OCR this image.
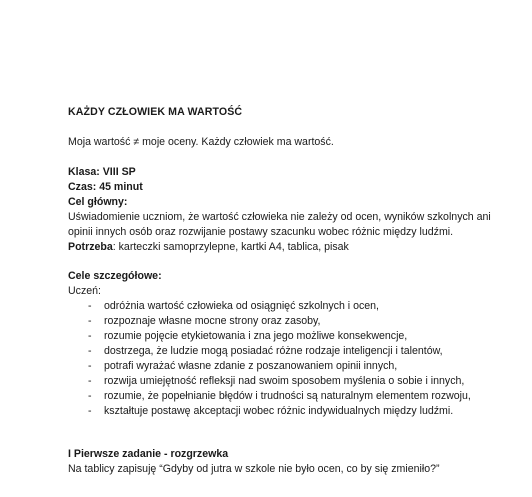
KAŻDY CZŁOWIEK MA WARTOŚĆ

Moja wartość ≠ moje oceny. Każdy człowiek ma wartość.

Klasa: VIII SP

Czas: 45 minut

Cel główny:

Uświadomienie uczniom, że wartość człowieka nie zależy od ocen, wyników szkolnych ani

opinii innych osób oraz rozwijanie postawy szacunku wobec różnic między ludźmi.

Potrzeba: karteczki samoprzylepne, kartki A4, tablica, pisak

Cele szczegółowe:

Uczeń:

- odróżnia wartość człowieka od osiągnięć szkolnych i ocen,
- rozpoznaje własne mocne strony oraz zasoby,
- rozumie pojęcie etykietowania i zna jego możliwe konsekwencje,
- dostrzega, że ludzie mogą posiadać różne rodzaje inteligencji i talentów,
- potrafi wyrażać własne zdanie z poszanowaniem opinii innych,
- rozwija umiejętność refleksji nad swoim sposobem myślenia o sobie i innych,
- rozumie, że popełnianie błędów i trudności są naturalnym elementem rozwoju,
- kształtuje postawę akceptacji wobec różnic indywidualnych między ludźmi.

I Pierwsze zadanie - rozgrzewka

Na tablicy zapisuję “Gdyby od jutra w szkole nie było ocen, co by się zmieniło?”
